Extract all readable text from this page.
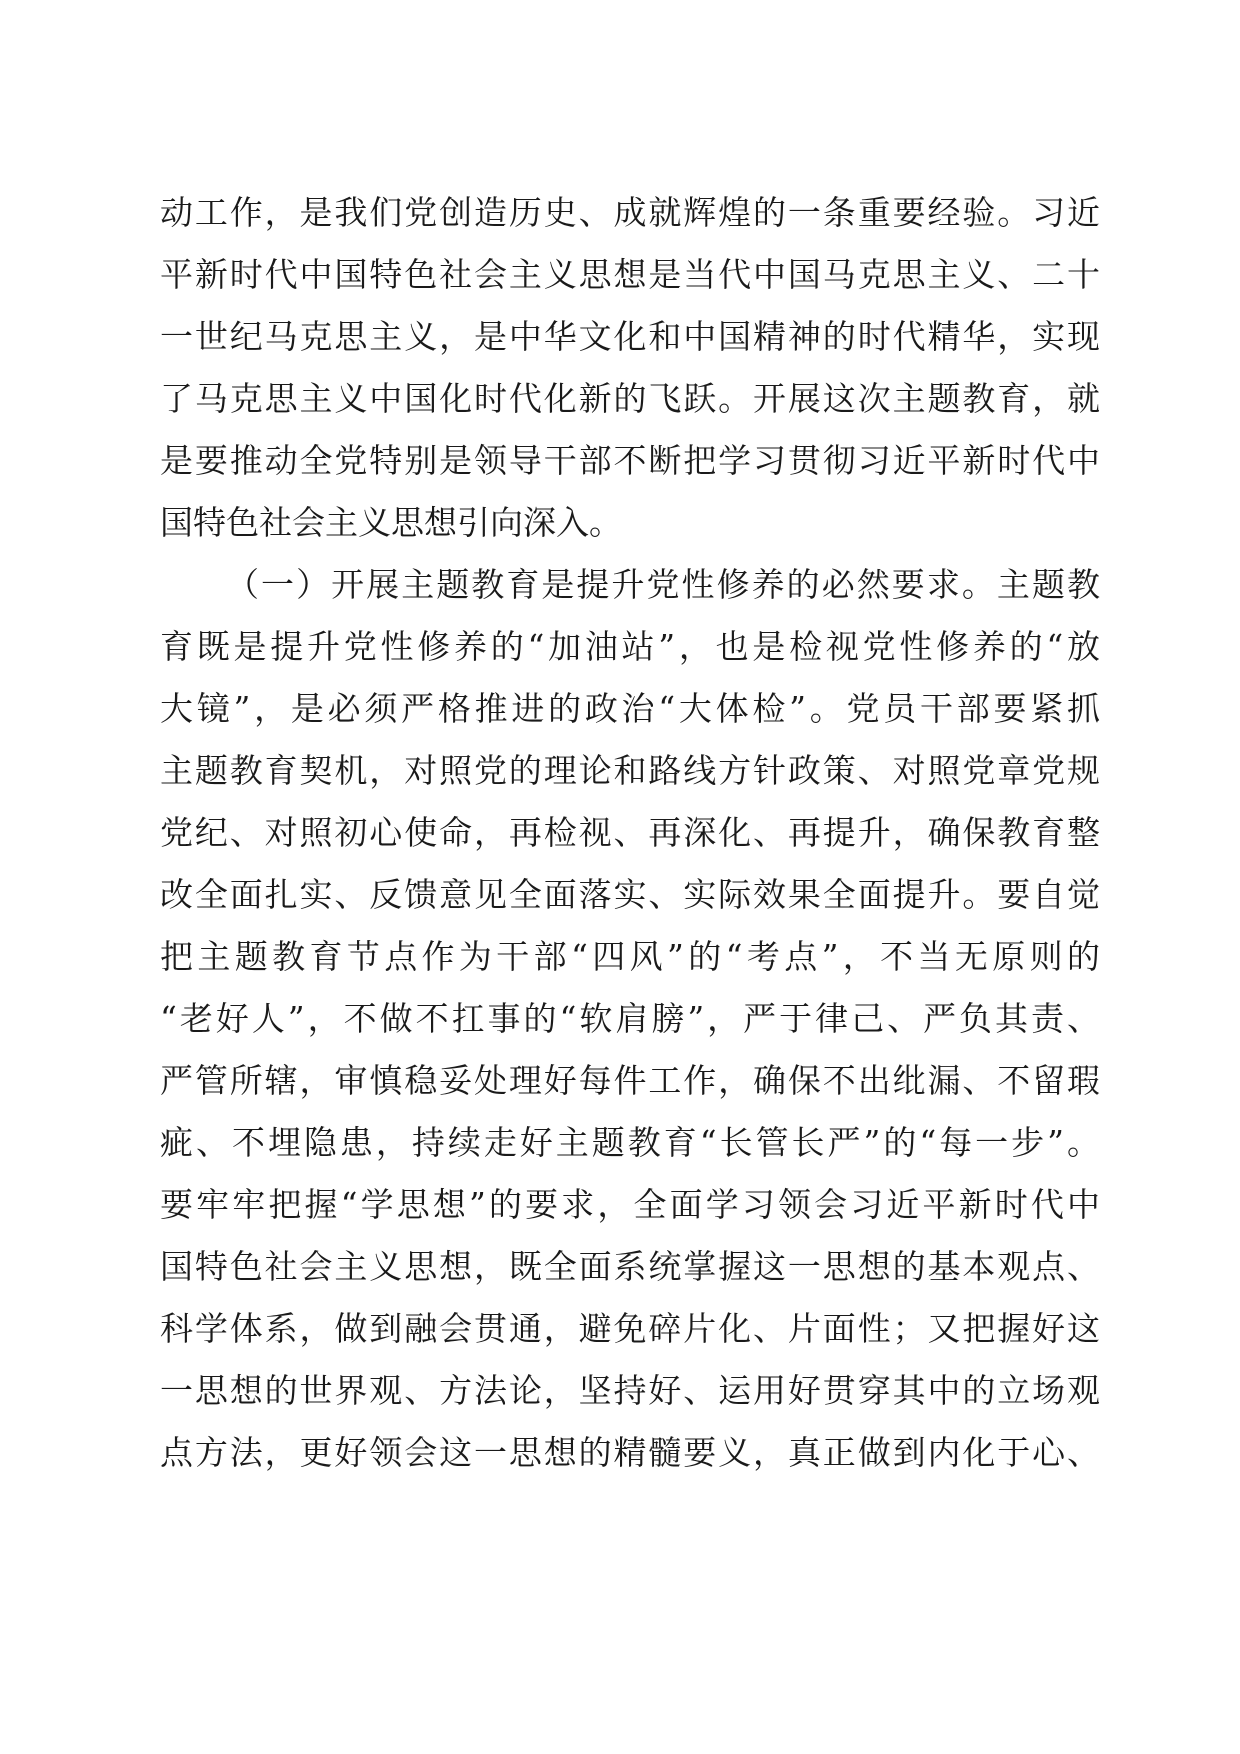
动工作，是我们党创造历史、成就辉煌的一条重要经验。习近
平新时代中国特色社会主义思想是当代中国马克思主义、二十
一世纪马克思主义，是中华文化和中国精神的时代精华，实现
了马克思主义中国化时代化新的飞跃。开展这次主题教育，就
是要推动全党特别是领导干部不断把学习贯彻习近平新时代中
国特色社会主义思想引向深入。
（一）开展主题教育是提升党性修养的必然要求。主题教
育既是提升党性修养的“加油站”，也是检视党性修养的“放
大镜”，是必须严格推进的政治“大体检”。党员干部要紧抓
主题教育契机，对照党的理论和路线方针政策、对照党章党规
党纪、对照初心使命，再检视、再深化、再提升，确保教育整
改全面扎实、反馈意见全面落实、实际效果全面提升。要自觉
把主题教育节点作为干部“四风”的“考点”，不当无原则的
“老好人”，不做不扛事的“软肩膀”，严于律己、严负其责、
严管所辖，审慎稳妥处理好每件工作，确保不出纰漏、不留瑕
疵、不埋隐患，持续走好主题教育“长管长严”的“每一步”。
要牢牢把握“学思想”的要求，全面学习领会习近平新时代中
国特色社会主义思想，既全面系统掌握这一思想的基本观点、
科学体系，做到融会贯通，避免碎片化、片面性；又把握好这
一思想的世界观、方法论，坚持好、运用好贯穿其中的立场观
点方法，更好领会这一思想的精髓要义，真正做到内化于心、
